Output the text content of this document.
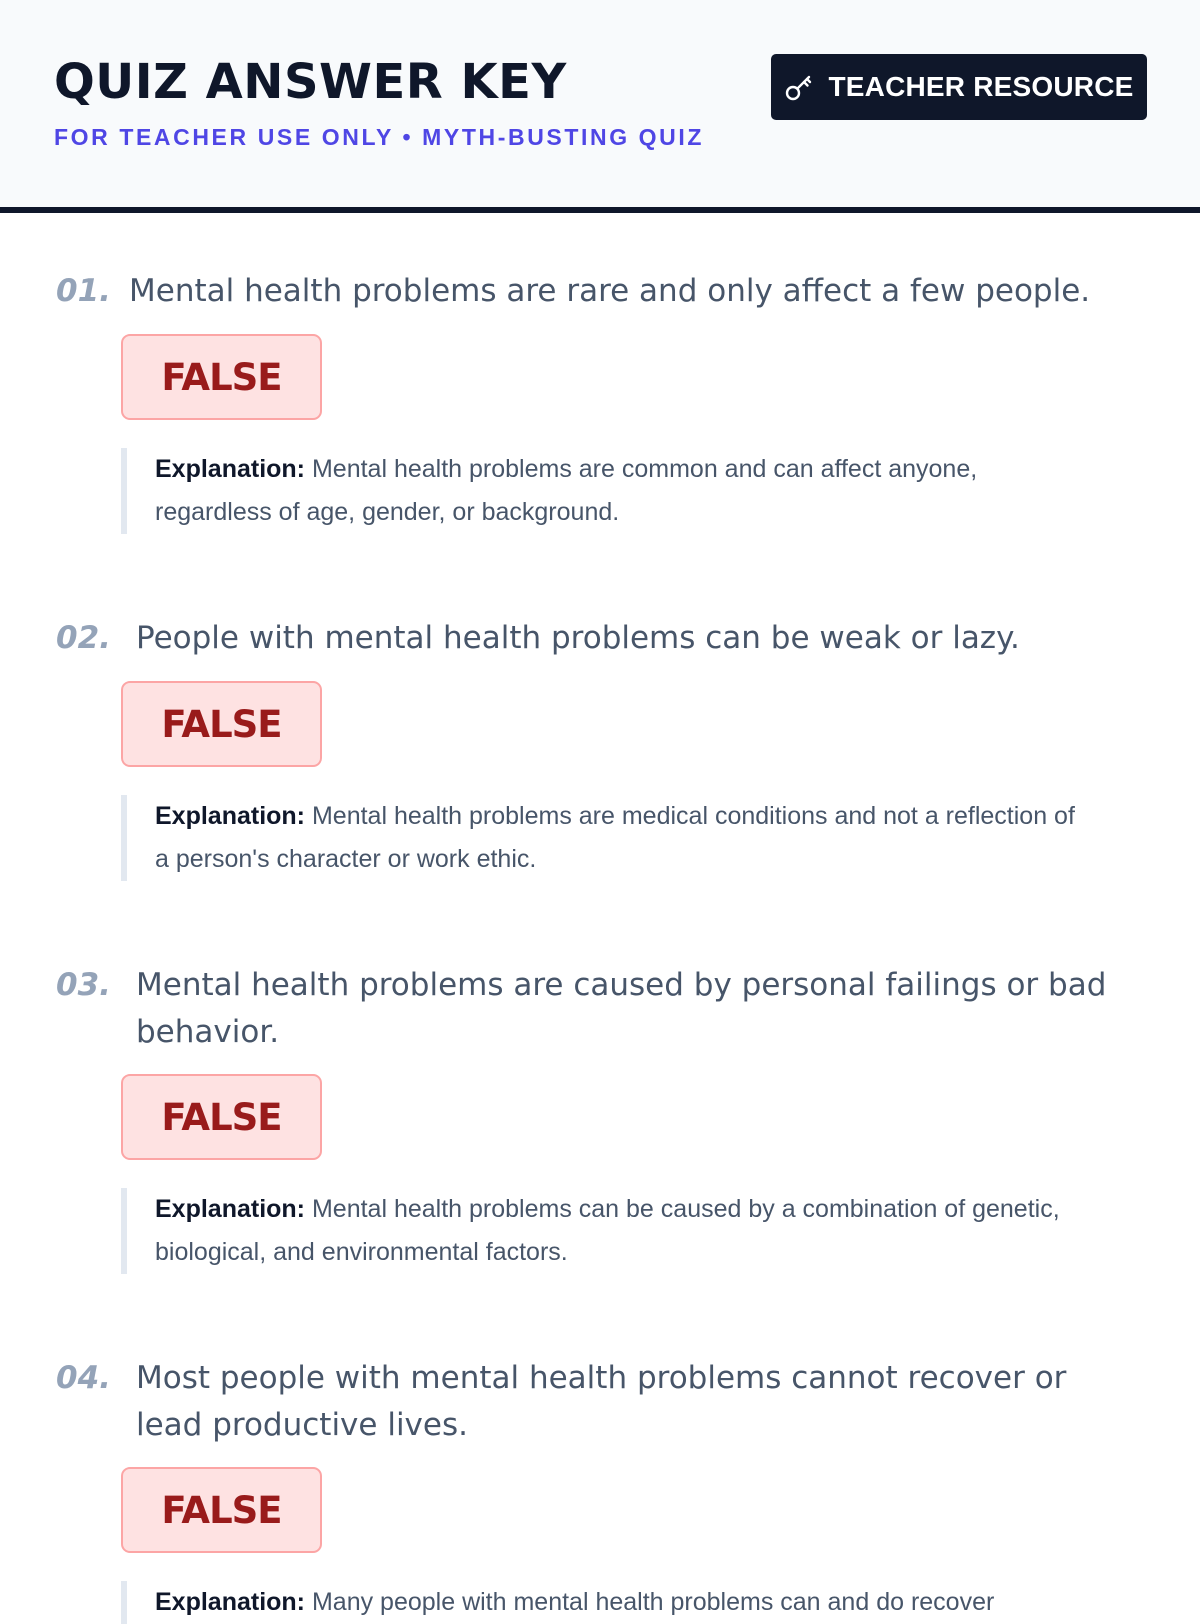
QUIZ ANSWER KEY

FOR TEACHER USE ONLY • MYTH-BUSTING QUIZ

TEACHER RESOURCE
01. Mental health problems are rare and only affect a few people.
FALSE

Explanation: Mental health problems are common and can affect anyone, regardless of age, gender, or background.

02. People with mental health problems can be weak or lazy.
FALSE

Explanation: Mental health problems are medical conditions and not a reflection of a person's character or work ethic.

03. Mental health problems are caused by personal failings or bad behavior.
FALSE

Explanation: Mental health problems can be caused by a combination of genetic, biological, and environmental factors.

04. Most people with mental health problems cannot recover or lead productive lives.
FALSE

Explanation: Many people with mental health problems can and do recover
